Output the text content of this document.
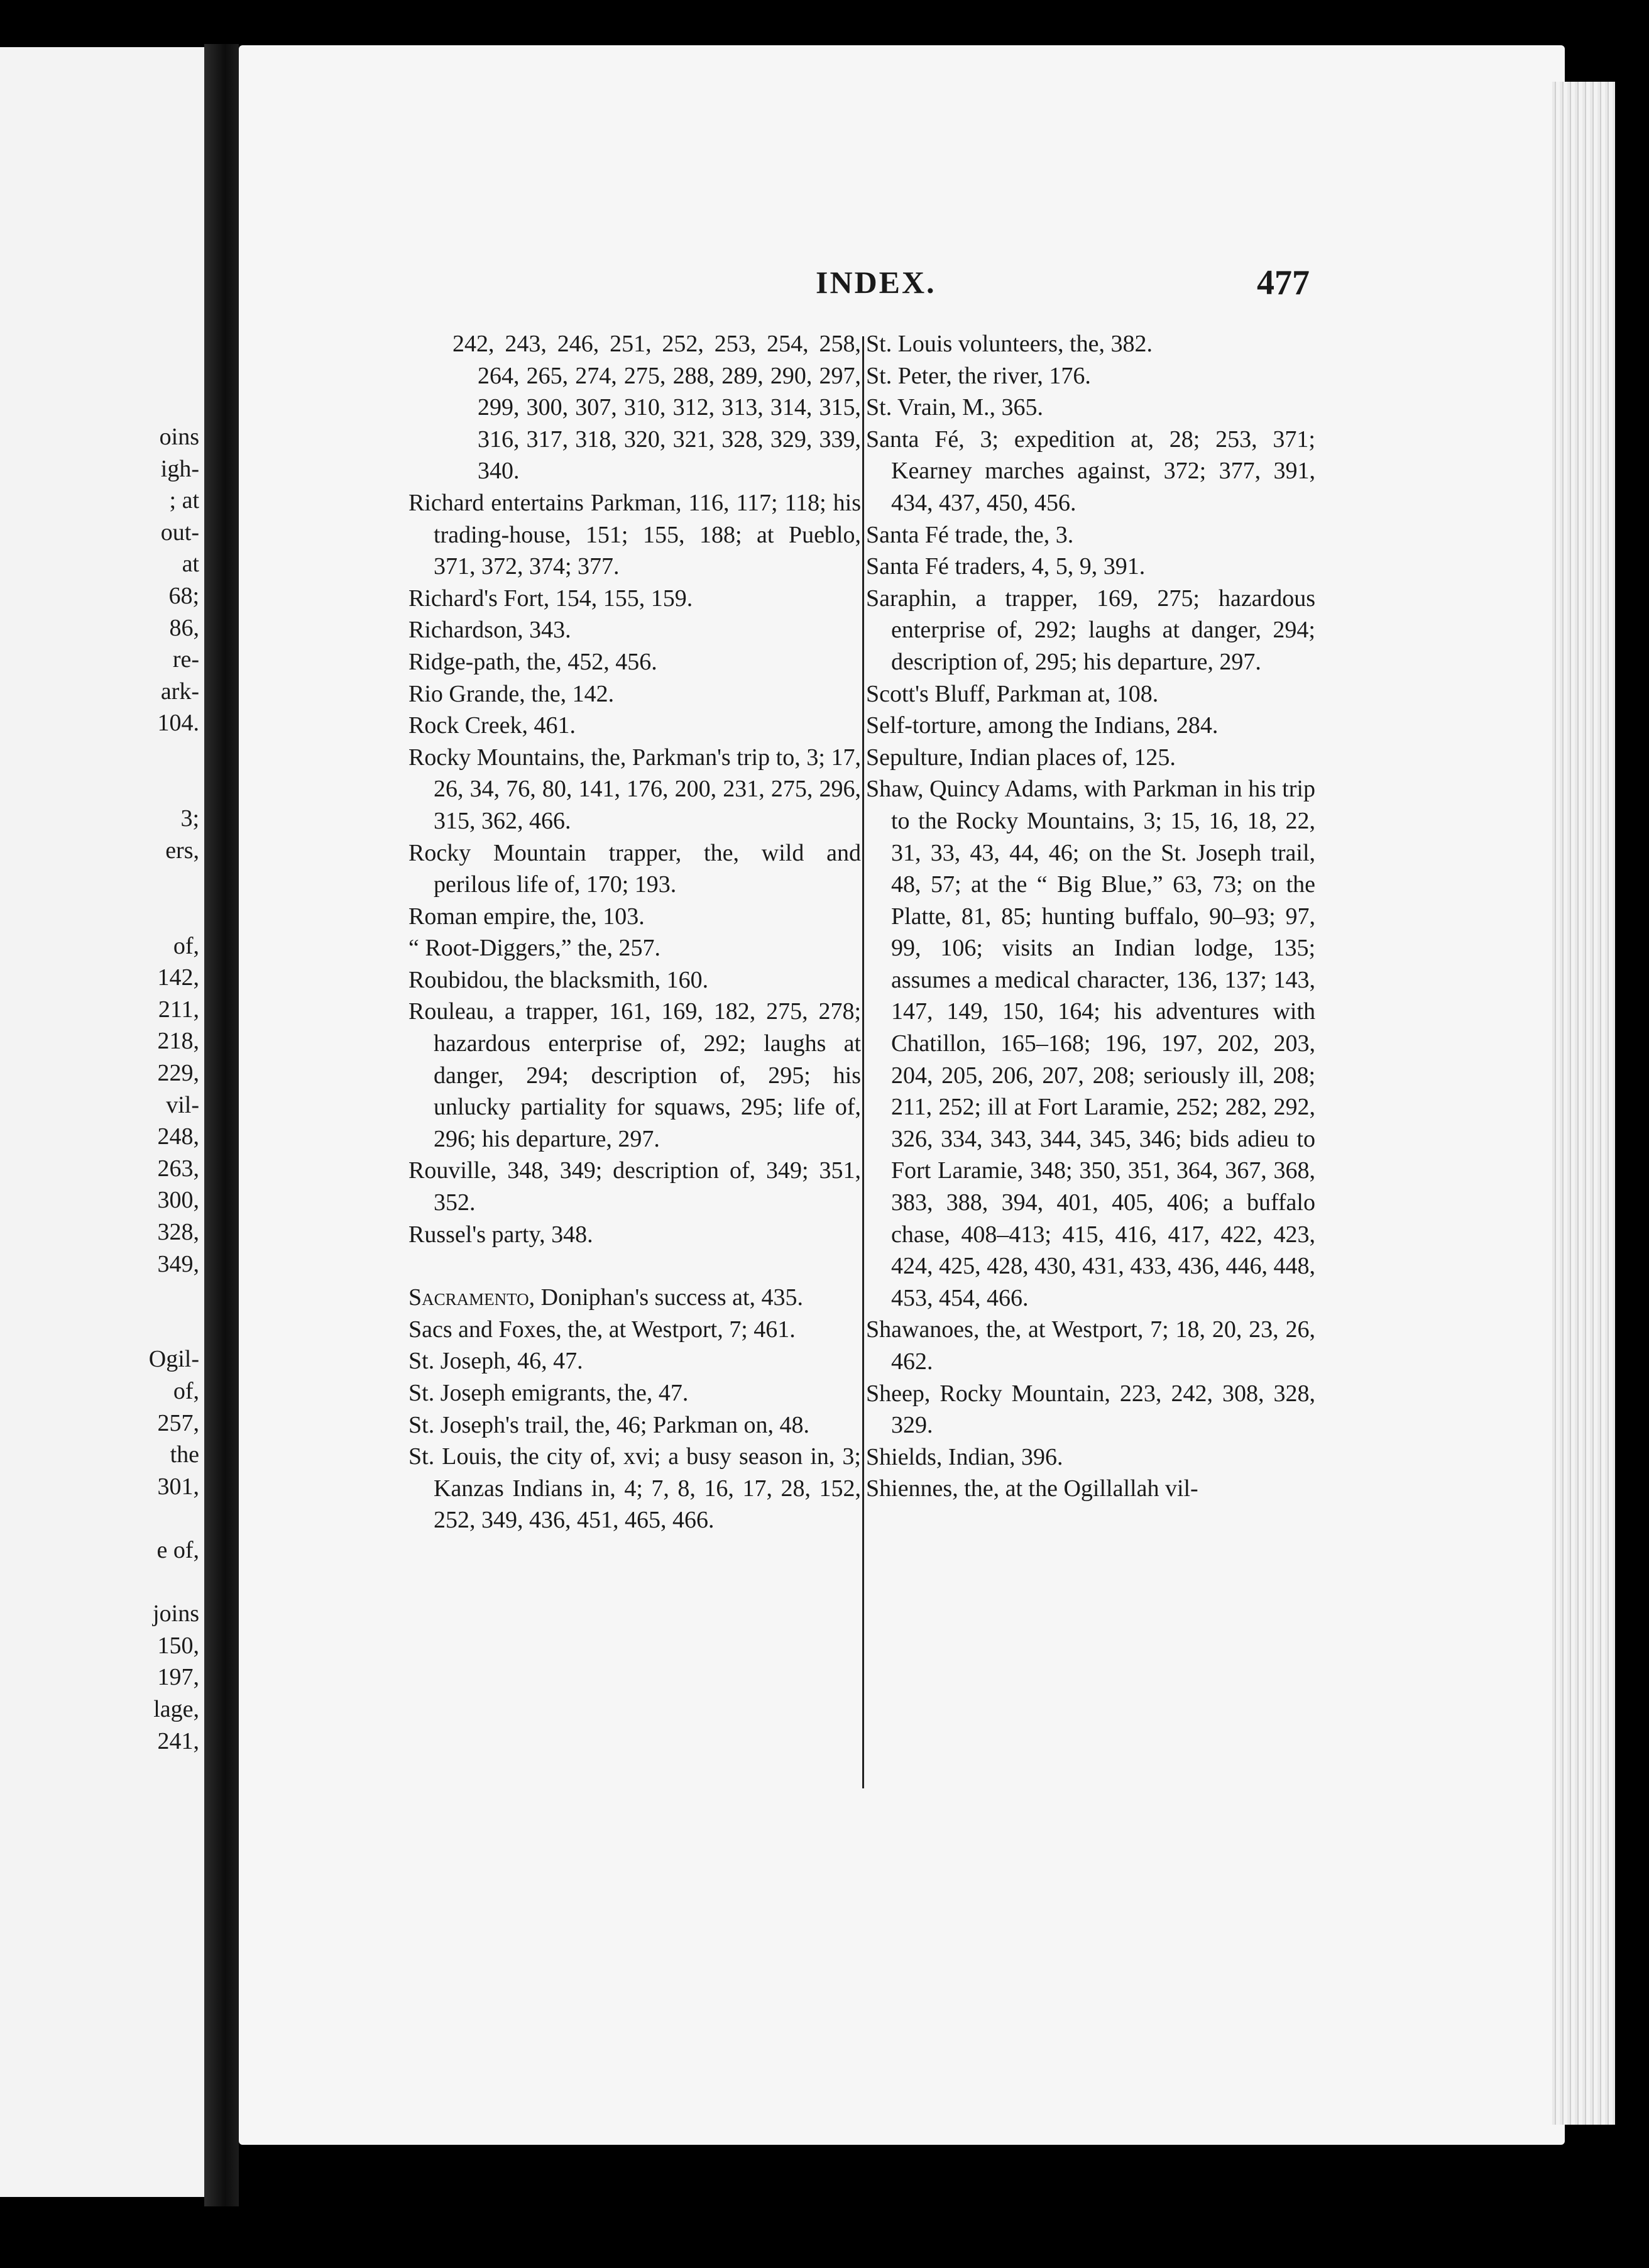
oins
igh-
; at
out-
at
68;
86,
re-
ark-
104.
3;
ers,
of,
142,
211,
218,
229,
vil-
248,
263,
300,
328,
349,
Ogil-
of,
257,
the
301,
e of,
joins
150,
197,
lage,
241,
INDEX.	477

242, 243, 246, 251, 252, 253, 254, 258, 264, 265, 274, 275, 288, 289, 290, 297, 299, 300, 307, 310, 312, 313, 314, 315, 316, 317, 318, 320, 321, 328, 329, 339, 340.

Richard entertains Parkman, 116, 117; 118; his trading-house, 151; 155, 188; at Pueblo, 371, 372, 374; 377.

Richard's Fort, 154, 155, 159.

Richardson, 343.

Ridge-path, the, 452, 456.

Rio Grande, the, 142.

Rock Creek, 461.

Rocky Mountains, the, Parkman's trip to, 3; 17, 26, 34, 76, 80, 141, 176, 200, 231, 275, 296, 315, 362, 466.

Rocky Mountain trapper, the, wild and perilous life of, 170; 193.

Roman empire, the, 103.

“ Root-Diggers,” the, 257.

Roubidou, the blacksmith, 160.

Rouleau, a trapper, 161, 169, 182, 275, 278; hazardous enterprise of, 292; laughs at danger, 294; description of, 295; his unlucky partiality for squaws, 295; life of, 296; his departure, 297.

Rouville, 348, 349; description of, 349; 351, 352.

Russel's party, 348.

Sacramento, Doniphan's success at, 435.

Sacs and Foxes, the, at Westport, 7; 461.

St. Joseph, 46, 47.

St. Joseph emigrants, the, 47.

St. Joseph's trail, the, 46; Parkman on, 48.

St. Louis, the city of, xvi; a busy season in, 3; Kanzas Indians in, 4; 7, 8, 16, 17, 28, 152, 252, 349, 436, 451, 465, 466.

St. Louis volunteers, the, 382.

St. Peter, the river, 176.

St. Vrain, M., 365.

Santa Fé, 3; expedition at, 28; 253, 371; Kearney marches against, 372; 377, 391, 434, 437, 450, 456.

Santa Fé trade, the, 3.

Santa Fé traders, 4, 5, 9, 391.

Saraphin, a trapper, 169, 275; hazardous enterprise of, 292; laughs at danger, 294; description of, 295; his departure, 297.

Scott's Bluff, Parkman at, 108.

Self-torture, among the Indians, 284.

Sepulture, Indian places of, 125.

Shaw, Quincy Adams, with Parkman in his trip to the Rocky Mountains, 3; 15, 16, 18, 22, 31, 33, 43, 44, 46; on the St. Joseph trail, 48, 57; at the “ Big Blue,” 63, 73; on the Platte, 81, 85; hunting buffalo, 90–93; 97, 99, 106; visits an Indian lodge, 135; assumes a medical character, 136, 137; 143, 147, 149, 150, 164; his adventures with Chatillon, 165–168; 196, 197, 202, 203, 204, 205, 206, 207, 208; seriously ill, 208; 211, 252; ill at Fort Laramie, 252; 282, 292, 326, 334, 343, 344, 345, 346; bids adieu to Fort Laramie, 348; 350, 351, 364, 367, 368, 383, 388, 394, 401, 405, 406; a buffalo chase, 408–413; 415, 416, 417, 422, 423, 424, 425, 428, 430, 431, 433, 436, 446, 448, 453, 454, 466.

Shawanoes, the, at Westport, 7; 18, 20, 23, 26, 462.

Sheep, Rocky Mountain, 223, 242, 308, 328, 329.

Shields, Indian, 396.

Shiennes, the, at the Ogillallah vil-
